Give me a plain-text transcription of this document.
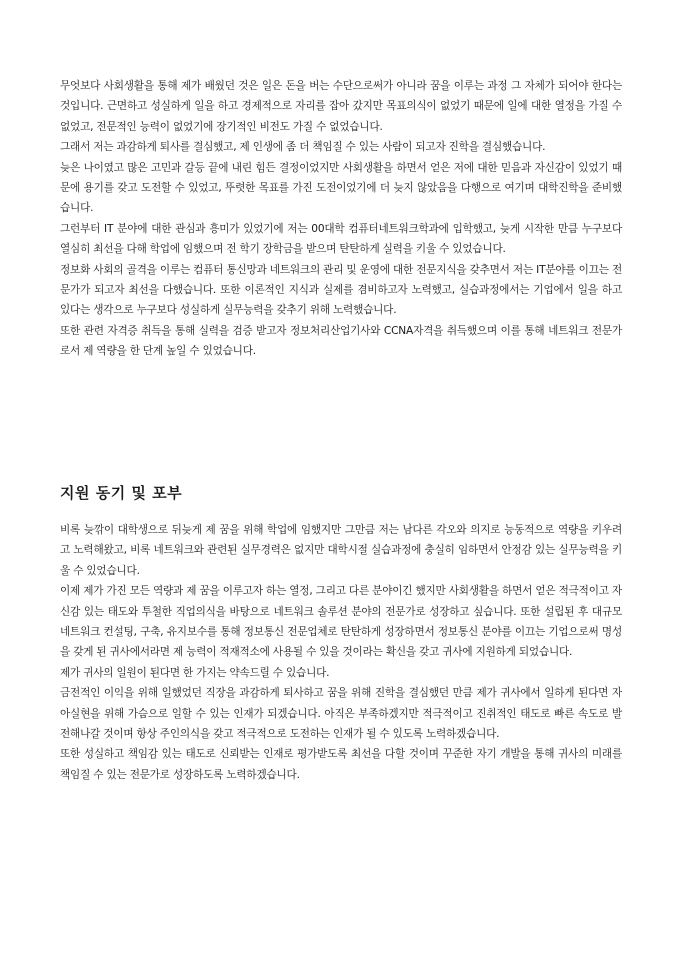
무엇보다 사회생활을 통해 제가 배웠던 것은 일은 돈을 버는 수단으로써가 아니라 꿈을 이루는 과정 그 자체가 되어야 한다는 것입니다. 근면하고 성실하게 일을 하고 경제적으로 자리를 잡아 갔지만 목표의식이 없었기 때문에 일에 대한 열정을 가질 수 없었고, 전문적인 능력이 없었기에 장기적인 비전도 가질 수 없었습니다.

그래서 저는 과감하게 퇴사를 결심했고, 제 인생에 좀 더 책임질 수 있는 사람이 되고자 진학을 결심했습니다.

늦은 나이였고 많은 고민과 갈등 끝에 내린 힘든 결정이었지만 사회생활을 하면서 얻은 저에 대한 믿음과 자신감이 있었기 때문에 용기를 갖고 도전할 수 있었고, 뚜렷한 목표를 가진 도전이었기에 더 늦지 않았음을 다행으로 여기며 대학진학을 준비했습니다.

그런부터 IT 분야에 대한 관심과 흥미가 있었기에 저는 00대학 컴퓨터네트워크학과에 입학했고, 늦게 시작한 만큼 누구보다 열심히 최선을 다해 학업에 임했으며 전 학기 장학금을 받으며 탄탄하게 실력을 키울 수 있었습니다.

정보화 사회의 골격을 이루는 컴퓨터 통신망과 네트워크의 관리 및 운영에 대한 전문지식을 갖추면서 저는 IT분야를 이끄는 전문가가 되고자 최선을 다했습니다. 또한 이론적인 지식과 실제를 겸비하고자 노력했고, 실습과정에서는 기업에서 일을 하고 있다는 생각으로 누구보다 성실하게 실무능력을 갖추기 위해 노력했습니다.

또한 관련 자격증 취득을 통해 실력을 검증 받고자 정보처리산업기사와 CCNA자격을 취득했으며 이를 통해 네트워크 전문가로서 제 역량을 한 단계 높일 수 있었습니다.

지원 동기 및 포부

비록 늦깎이 대학생으로 뒤늦게 제 꿈을 위해 학업에 임했지만 그만큼 저는 남다른 각오와 의지로 능동적으로 역량을 키우려고 노력해왔고, 비록 네트워크와 관련된 실무경력은 없지만 대학시절 실습과정에 충실히 임하면서 안정감 있는 실무능력을 키울 수 있었습니다.

이제 제가 가진 모든 역량과 제 꿈을 이루고자 하는 열정, 그리고 다른 분야이긴 했지만 사회생활을 하면서 얻은 적극적이고 자신감 있는 태도와 투철한 직업의식을 바탕으로 네트워크 솔루션 분야의 전문가로 성장하고 싶습니다. 또한 설립된 후 대규모 네트워크 컨설팅, 구축, 유지보수를 통해 정보통신 전문업체로 탄탄하게 성장하면서 정보통신 분야를 이끄는 기업으로써 명성을 갖게 된 귀사에서라면 제 능력이 적재적소에 사용될 수 있을 것이라는 확신을 갖고 귀사에 지원하게 되었습니다.

제가 귀사의 일원이 된다면 한 가지는 약속드릴 수 있습니다.

금전적인 이익을 위해 일했었던 직장을 과감하게 퇴사하고 꿈을 위해 진학을 결심했던 만큼 제가 귀사에서 일하게 된다면 자아실현을 위해 가슴으로 일할 수 있는 인재가 되겠습니다. 아직은 부족하겠지만 적극적이고 진취적인 태도로 빠른 속도로 발전해나갈 것이며 항상 주인의식을 갖고 적극적으로 도전하는 인재가 될 수 있도록 노력하겠습니다.

또한 성실하고 책임감 있는 태도로 신뢰받는 인재로 평가받도록 최선을 다할 것이며 꾸준한 자기 개발을 통해 귀사의 미래를 책임질 수 있는 전문가로 성장하도록 노력하겠습니다.
